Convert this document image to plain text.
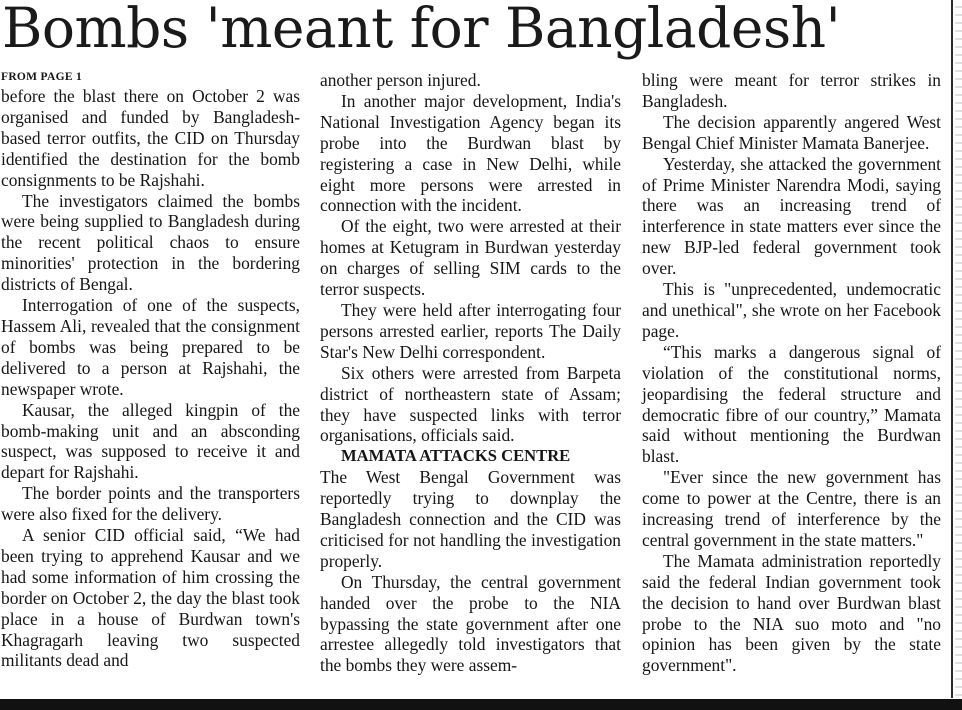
Bombs 'meant for Bangladesh'
FROM PAGE 1

before the blast there on October 2 was organised and funded by Bangladesh-based terror outfits, the CID on Thursday identified the destination for the bomb consignments to be Rajshahi.

The investigators claimed the bombs were being supplied to Bangladesh during the recent political chaos to ensure minorities' protection in the bordering districts of Bengal.

Interrogation of one of the suspects, Hassem Ali, revealed that the consignment of bombs was being prepared to be delivered to a person at Rajshahi, the newspaper wrote.

Kausar, the alleged kingpin of the bomb-making unit and an absconding suspect, was supposed to receive it and depart for Rajshahi.

The border points and the transporters were also fixed for the delivery.

A senior CID official said, “We had been trying to apprehend Kausar and we had some information of him crossing the border on October 2, the day the blast took place in a house of Burdwan town's Khagragarh leaving two suspected militants dead and

another person injured.

In another major development, India's National Investigation Agency began its probe into the Burdwan blast by registering a case in New Delhi, while eight more persons were arrested in connection with the incident.

Of the eight, two were arrested at their homes at Ketugram in Burdwan yesterday on charges of selling SIM cards to the terror suspects.

They were held after interrogating four persons arrested earlier, reports The Daily Star's New Delhi correspondent.

Six others were arrested from Barpeta district of northeastern state of Assam; they have suspected links with terror organisations, officials said.

MAMATA ATTACKS CENTRE

The West Bengal Government was reportedly trying to downplay the Bangladesh connection and the CID was criticised for not handling the investigation properly.

On Thursday, the central government handed over the probe to the NIA bypassing the state government after one arrestee allegedly told investigators that the bombs they were assem-

bling were meant for terror strikes in Bangladesh.

The decision apparently angered West Bengal Chief Minister Mamata Banerjee.

Yesterday, she attacked the government of Prime Minister Narendra Modi, saying there was an increasing trend of interference in state matters ever since the new BJP-led federal government took over.

This is "unprecedented, undemocratic and unethical", she wrote on her Facebook page.

“This marks a dangerous signal of violation of the constitutional norms, jeopardising the federal structure and democratic fibre of our country,” Mamata said without mentioning the Burdwan blast.

"Ever since the new government has come to power at the Centre, there is an increasing trend of interference by the central government in the state matters."

The Mamata administration reportedly said the federal Indian government took the decision to hand over Burdwan blast probe to the NIA suo moto and "no opinion has been given by the state government".
